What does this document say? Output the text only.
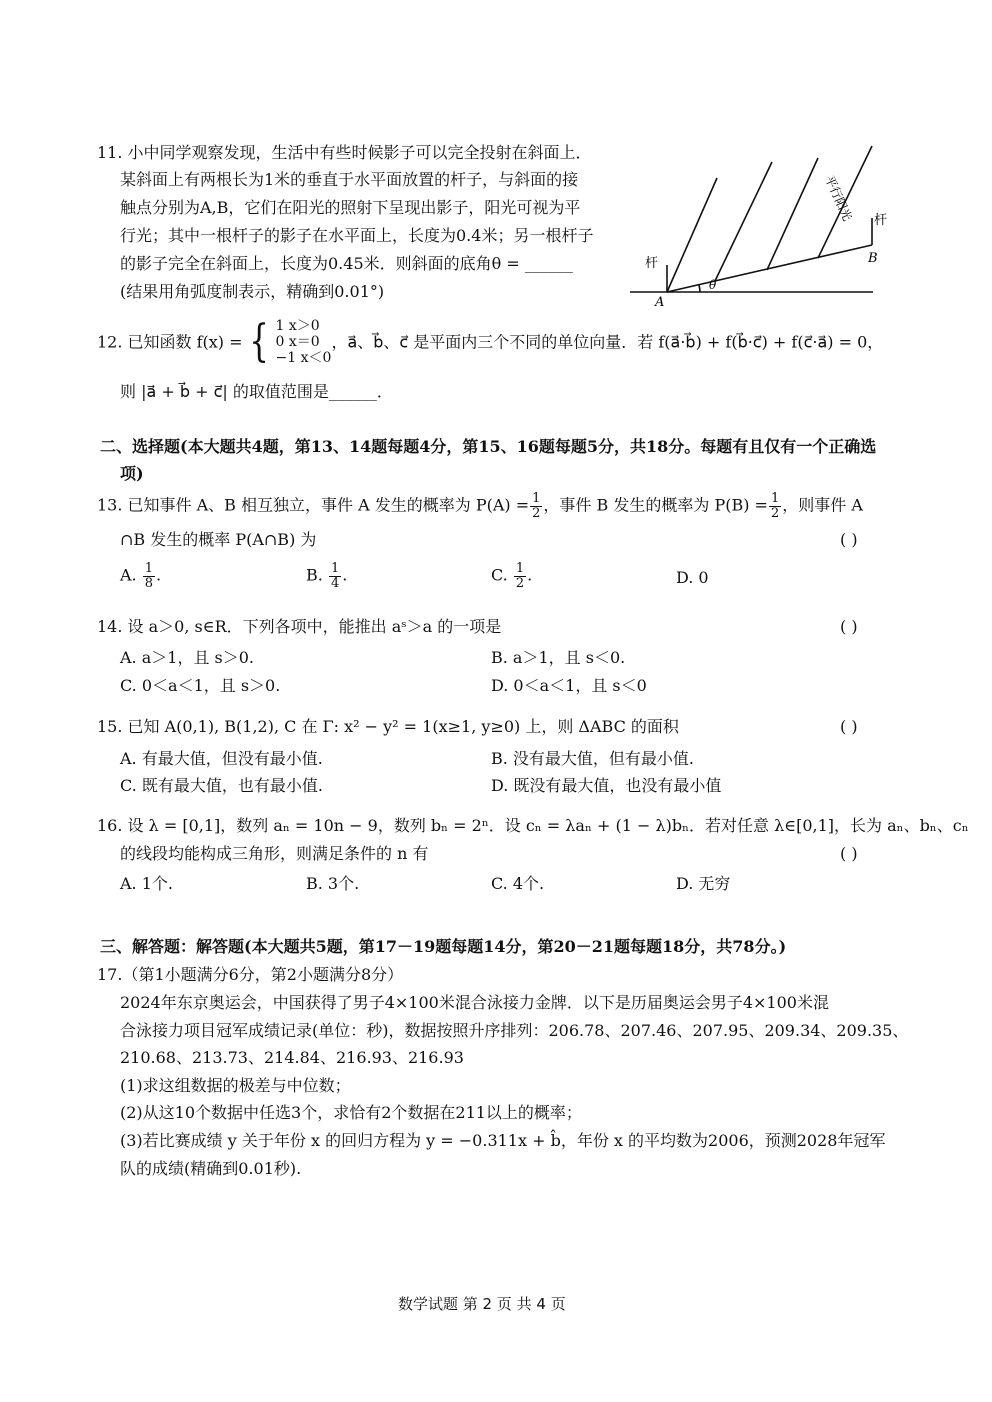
11. 小中同学观察发现，生活中有些时候影子可以完全投射在斜面上．
某斜面上有两根长为1米的垂直于水平面放置的杆子，与斜面的接
触点分别为A,B，它们在阳光的照射下呈现出影子，阳光可视为平
行光；其中一根杆子的影子在水平面上，长度为0.4米；另一根杆子
的影子完全在斜面上，长度为0.45米．则斜面的底角θ = ______
(结果用角弧度制表示，精确到0.01°)
杆
杆
A
B
θ
平行阳光
12. 已知函数 f(x) = { 1 x＞0
0 x＝0
−1 x＜0
，a⃗、b⃗、c⃗ 是平面内三个不同的单位向量．若 f(a⃗·b⃗) + f(b⃗·c⃗) + f(c⃗·a⃗) = 0，
则 |a⃗ + b⃗ + c⃗| 的取值范围是______．
二、选择题(本大题共4题，第13、14题每题4分，第15、16题每题5分，共18分。每题有且仅有一个正确选
项)
13. 已知事件 A、B 相互独立，事件 A 发生的概率为 $P(A) = \frac{1}{2}$ ，事件 B 发生的概率为 $P(B) = \frac{1}{2}$ ，则事件 A
∩B 发生的概率 P(A∩B) 为	( )
A. $\frac{1}{8}$ .	B. $\frac{1}{4}$ .	C. $\frac{1}{2}$ .	D. 0
14. 设 a＞0, s∈R．下列各项中，能推出 aˢ＞a 的一项是	( )
A. a＞1，且 s＞0.	B. a＞1，且 s＜0.
C. 0＜a＜1，且 s＞0.	D. 0＜a＜1，且 s＜0
15. 已知 A(0,1), B(1,2), C 在 Γ: x² − y² = 1(x≥1, y≥0) 上，则 ΔABC 的面积	( )
A. 有最大值，但没有最小值.	B. 没有最大值，但有最小值.
C. 既有最大值，也有最小值.	D. 既没有最大值，也没有最小值
16. 设 λ = [0,1]，数列 aₙ = 10n − 9，数列 bₙ = 2ⁿ．设 cₙ = λaₙ + (1 − λ)bₙ．若对任意 λ∈[0,1]，长为 aₙ、bₙ、cₙ
的线段均能构成三角形，则满足条件的 n 有	( )
A. 1个.	B. 3个.	C. 4个.	D. 无穷
三、解答题：解答题(本大题共5题，第17－19题每题14分，第20－21题每题18分，共78分。)
17.（第1小题满分6分，第2小题满分8分）
2024年东京奥运会，中国获得了男子4×100米混合泳接力金牌．以下是历届奥运会男子4×100米混
合泳接力项目冠军成绩记录(单位：秒)，数据按照升序排列：206.78、207.46、207.95、209.34、209.35、
210.68、213.73、214.84、216.93、216.93
(1)求这组数据的极差与中位数；
(2)从这10个数据中任选3个，求恰有2个数据在211以上的概率；
(3)若比赛成绩 y 关于年份 x 的回归方程为 y = −0.311x + b̂，年份 x 的平均数为2006，预测2028年冠军
队的成绩(精确到0.01秒).
数学试题 第 2 页 共 4 页
